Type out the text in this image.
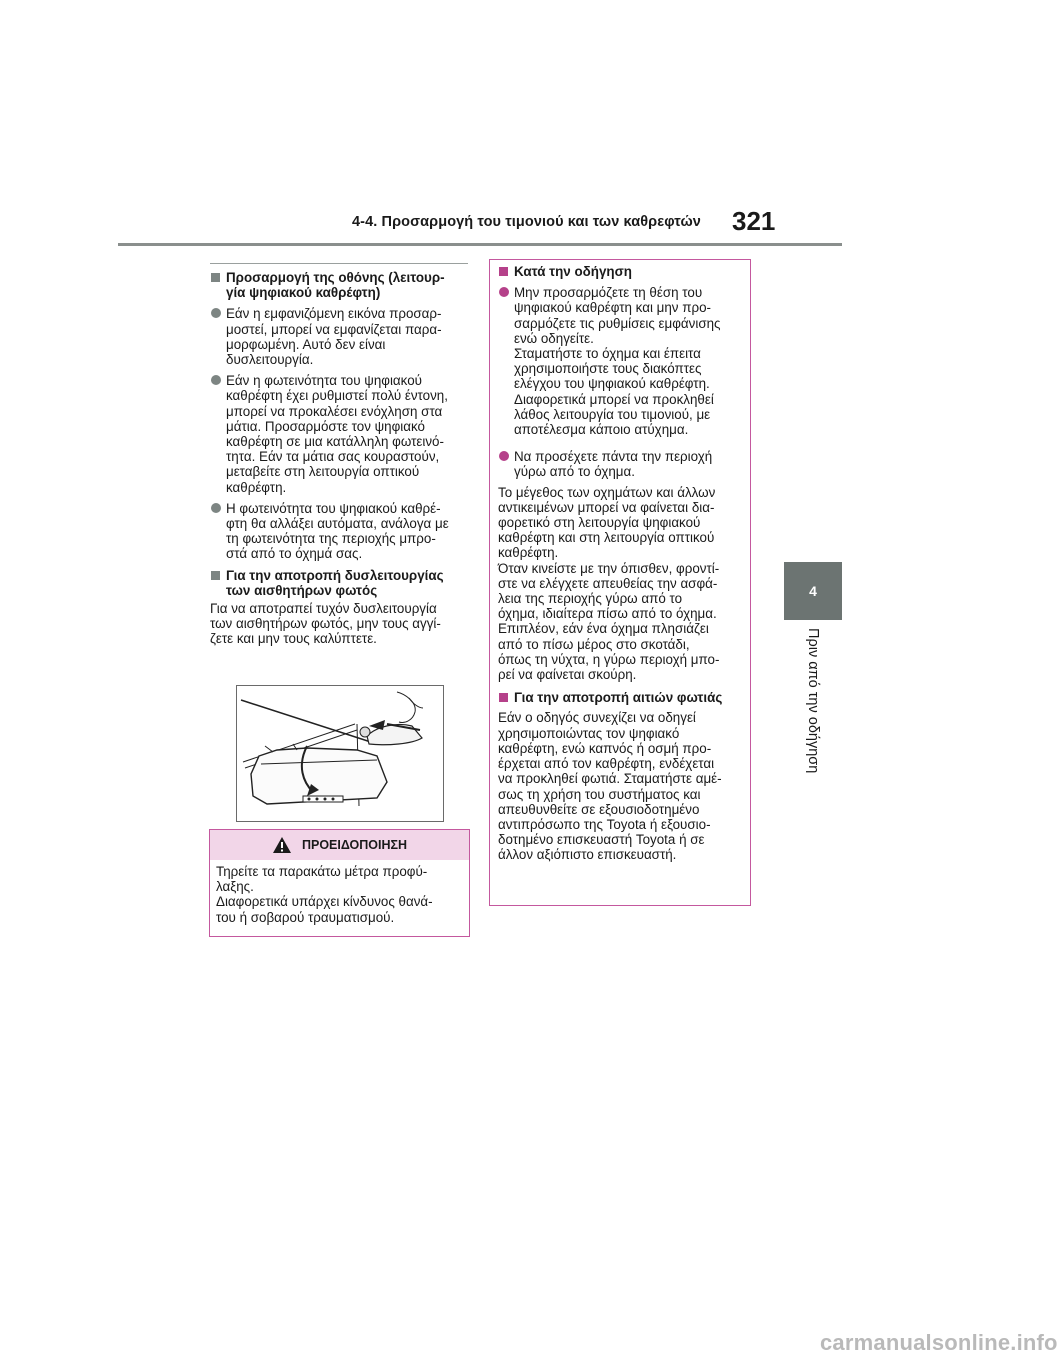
4-4. Προσαρμογή του τιμονιού και των καθρεφτών 321
4
Πριν από την οδήγηση
Προσαρμογή της οθόνης (λειτουρ-
γία ψηφιακού καθρέφτη)
Εάν η εμφανιζόμενη εικόνα προσαρ-
μοστεί, μπορεί να εμφανίζεται παρα-
μορφωμένη. Αυτό δεν είναι
δυσλειτουργία.
Εάν η φωτεινότητα του ψηφιακού
καθρέφτη έχει ρυθμιστεί πολύ έντονη,
μπορεί να προκαλέσει ενόχληση στα
μάτια. Προσαρμόστε τον ψηφιακό
καθρέφτη σε μια κατάλληλη φωτεινό-
τητα. Εάν τα μάτια σας κουραστούν,
μεταβείτε στη λειτουργία οπτικού
καθρέφτη.
Η φωτεινότητα του ψηφιακού καθρέ-
φτη θα αλλάξει αυτόματα, ανάλογα με
τη φωτεινότητα της περιοχής μπρο-
στά από το όχημά σας.
Για την αποτροπή δυσλειτουργίας
των αισθητήρων φωτός
Για να αποτραπεί τυχόν δυσλειτουργία
των αισθητήρων φωτός, μην τους αγγί-
ζετε και μην τους καλύπτετε.
ΠΡΟΕΙΔΟΠΟΙΗΣΗ
Τηρείτε τα παρακάτω μέτρα προφύ-
λαξης.
Διαφορετικά υπάρχει κίνδυνος θανά-
του ή σοβαρού τραυματισμού.
Κατά την οδήγηση
Μην προσαρμόζετε τη θέση του
ψηφιακού καθρέφτη και μην προ-
σαρμόζετε τις ρυθμίσεις εμφάνισης
ενώ οδηγείτε.
Σταματήστε το όχημα και έπειτα
χρησιμοποιήστε τους διακόπτες
ελέγχου του ψηφιακού καθρέφτη.
Διαφορετικά μπορεί να προκληθεί
λάθος λειτουργία του τιμονιού, με
αποτέλεσμα κάποιο ατύχημα.
Να προσέχετε πάντα την περιοχή
γύρω από το όχημα.
Το μέγεθος των οχημάτων και άλλων
αντικειμένων μπορεί να φαίνεται δια-
φορετικό στη λειτουργία ψηφιακού
καθρέφτη και στη λειτουργία οπτικού
καθρέφτη.
Όταν κινείστε με την όπισθεν, φροντί-
στε να ελέγχετε απευθείας την ασφά-
λεια της περιοχής γύρω από το
όχημα, ιδιαίτερα πίσω από το όχημα.
Επιπλέον, εάν ένα όχημα πλησιάζει
από το πίσω μέρος στο σκοτάδι,
όπως τη νύχτα, η γύρω περιοχή μπο-
ρεί να φαίνεται σκούρη.
Για την αποτροπή αιτιών φωτιάς
Εάν ο οδηγός συνεχίζει να οδηγεί
χρησιμοποιώντας τον ψηφιακό
καθρέφτη, ενώ καπνός ή οσμή προ-
έρχεται από τον καθρέφτη, ενδέχεται
να προκληθεί φωτιά. Σταματήστε αμέ-
σως τη χρήση του συστήματος και
απευθυνθείτε σε εξουσιοδοτημένο
αντιπρόσωπο της Toyota ή εξουσιο-
δοτημένο επισκευαστή Toyota ή σε
άλλον αξιόπιστο επισκευαστή.
carmanualsonline.info
